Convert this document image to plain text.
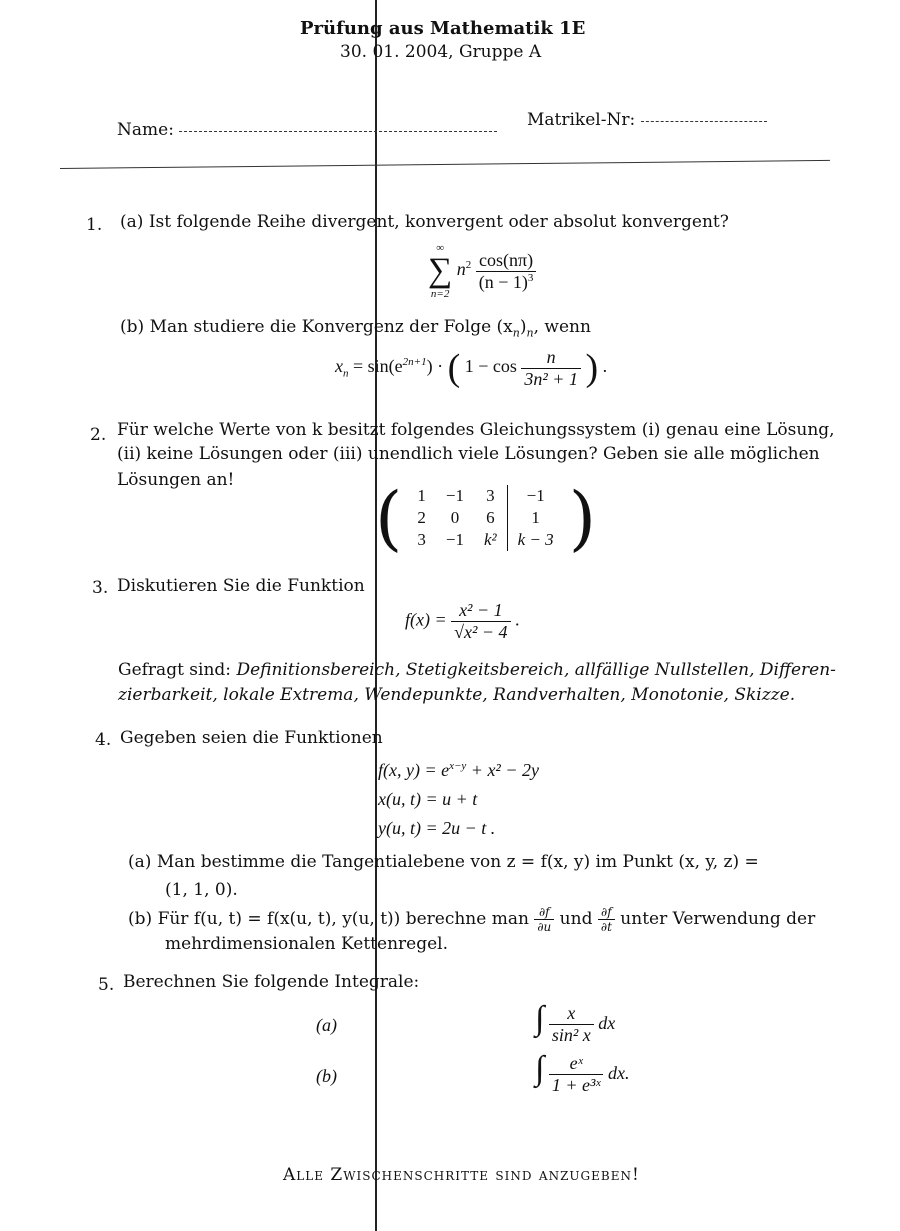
Prüfung aus Mathematik 1E
30. 01. 2004, Gruppe A
Name:	Matrikel-Nr:
1. (a) Ist folgende Reihe divergent, konvergent oder absolut konvergent?
∞
∑
n=2
$n^2 \frac{\cos(n\pi)}{(n - 1)^3}$
(b) Man studiere die Konvergenz der Folge $(x_n)_n$, wenn
$x_n = \sin(e^{2n+1})$ · ( $1 - \cos \frac{n}{\text{3n² + 1}}$ ) .
2. Für welche Werte von k besitzt folgendes Gleichungssystem (i) genau eine Lösung,
(ii) keine Lösungen oder (iii) unendlich viele Lösungen? Geben sie alle möglichen
Lösungen an! ( 1	−1	3	−1
2	0	6	1
3	−1	k²	k − 3 )
3. Diskutieren Sie die Funktion
$f(x) = \frac{\text{x² − 1}}{\text{√x² − 4}}$ .
Gefragt sind: Definitionsbereich, Stetigkeitsbereich, allfällige Nullstellen, Differen-
zierbarkeit, lokale Extrema, Wendepunkte, Randverhalten, Monotonie, Skizze.
4. Gegeben seien die Funktionen
f(x, $y) = e^{x-y} + x^2 - 2y$
x(u, t) = u + t
y(u, t) = 2u − t .
(a) Man bestimme die Tangentialebene von z = f(x, y) im Punkt (x, y, z) =
(1, 1, 0).
(b) Für f(u, t) = f(x(u, t), y(u, t)) berechne man $\frac{\partial f}{\partial u}$ und $\frac{\partial f}{\partial t}$ unter Verwendung der
mehrdimensionalen Kettenregel.
5. Berechnen Sie folgende Integrale:
(a)	∫ $\frac{x}{\text{sin² x}}$ dx
(b)	∫ $\frac{\text{eˣ}}{\text{1 + e³ˣ}}$ dx.
Alle Zwischenschritte sind anzugeben!
